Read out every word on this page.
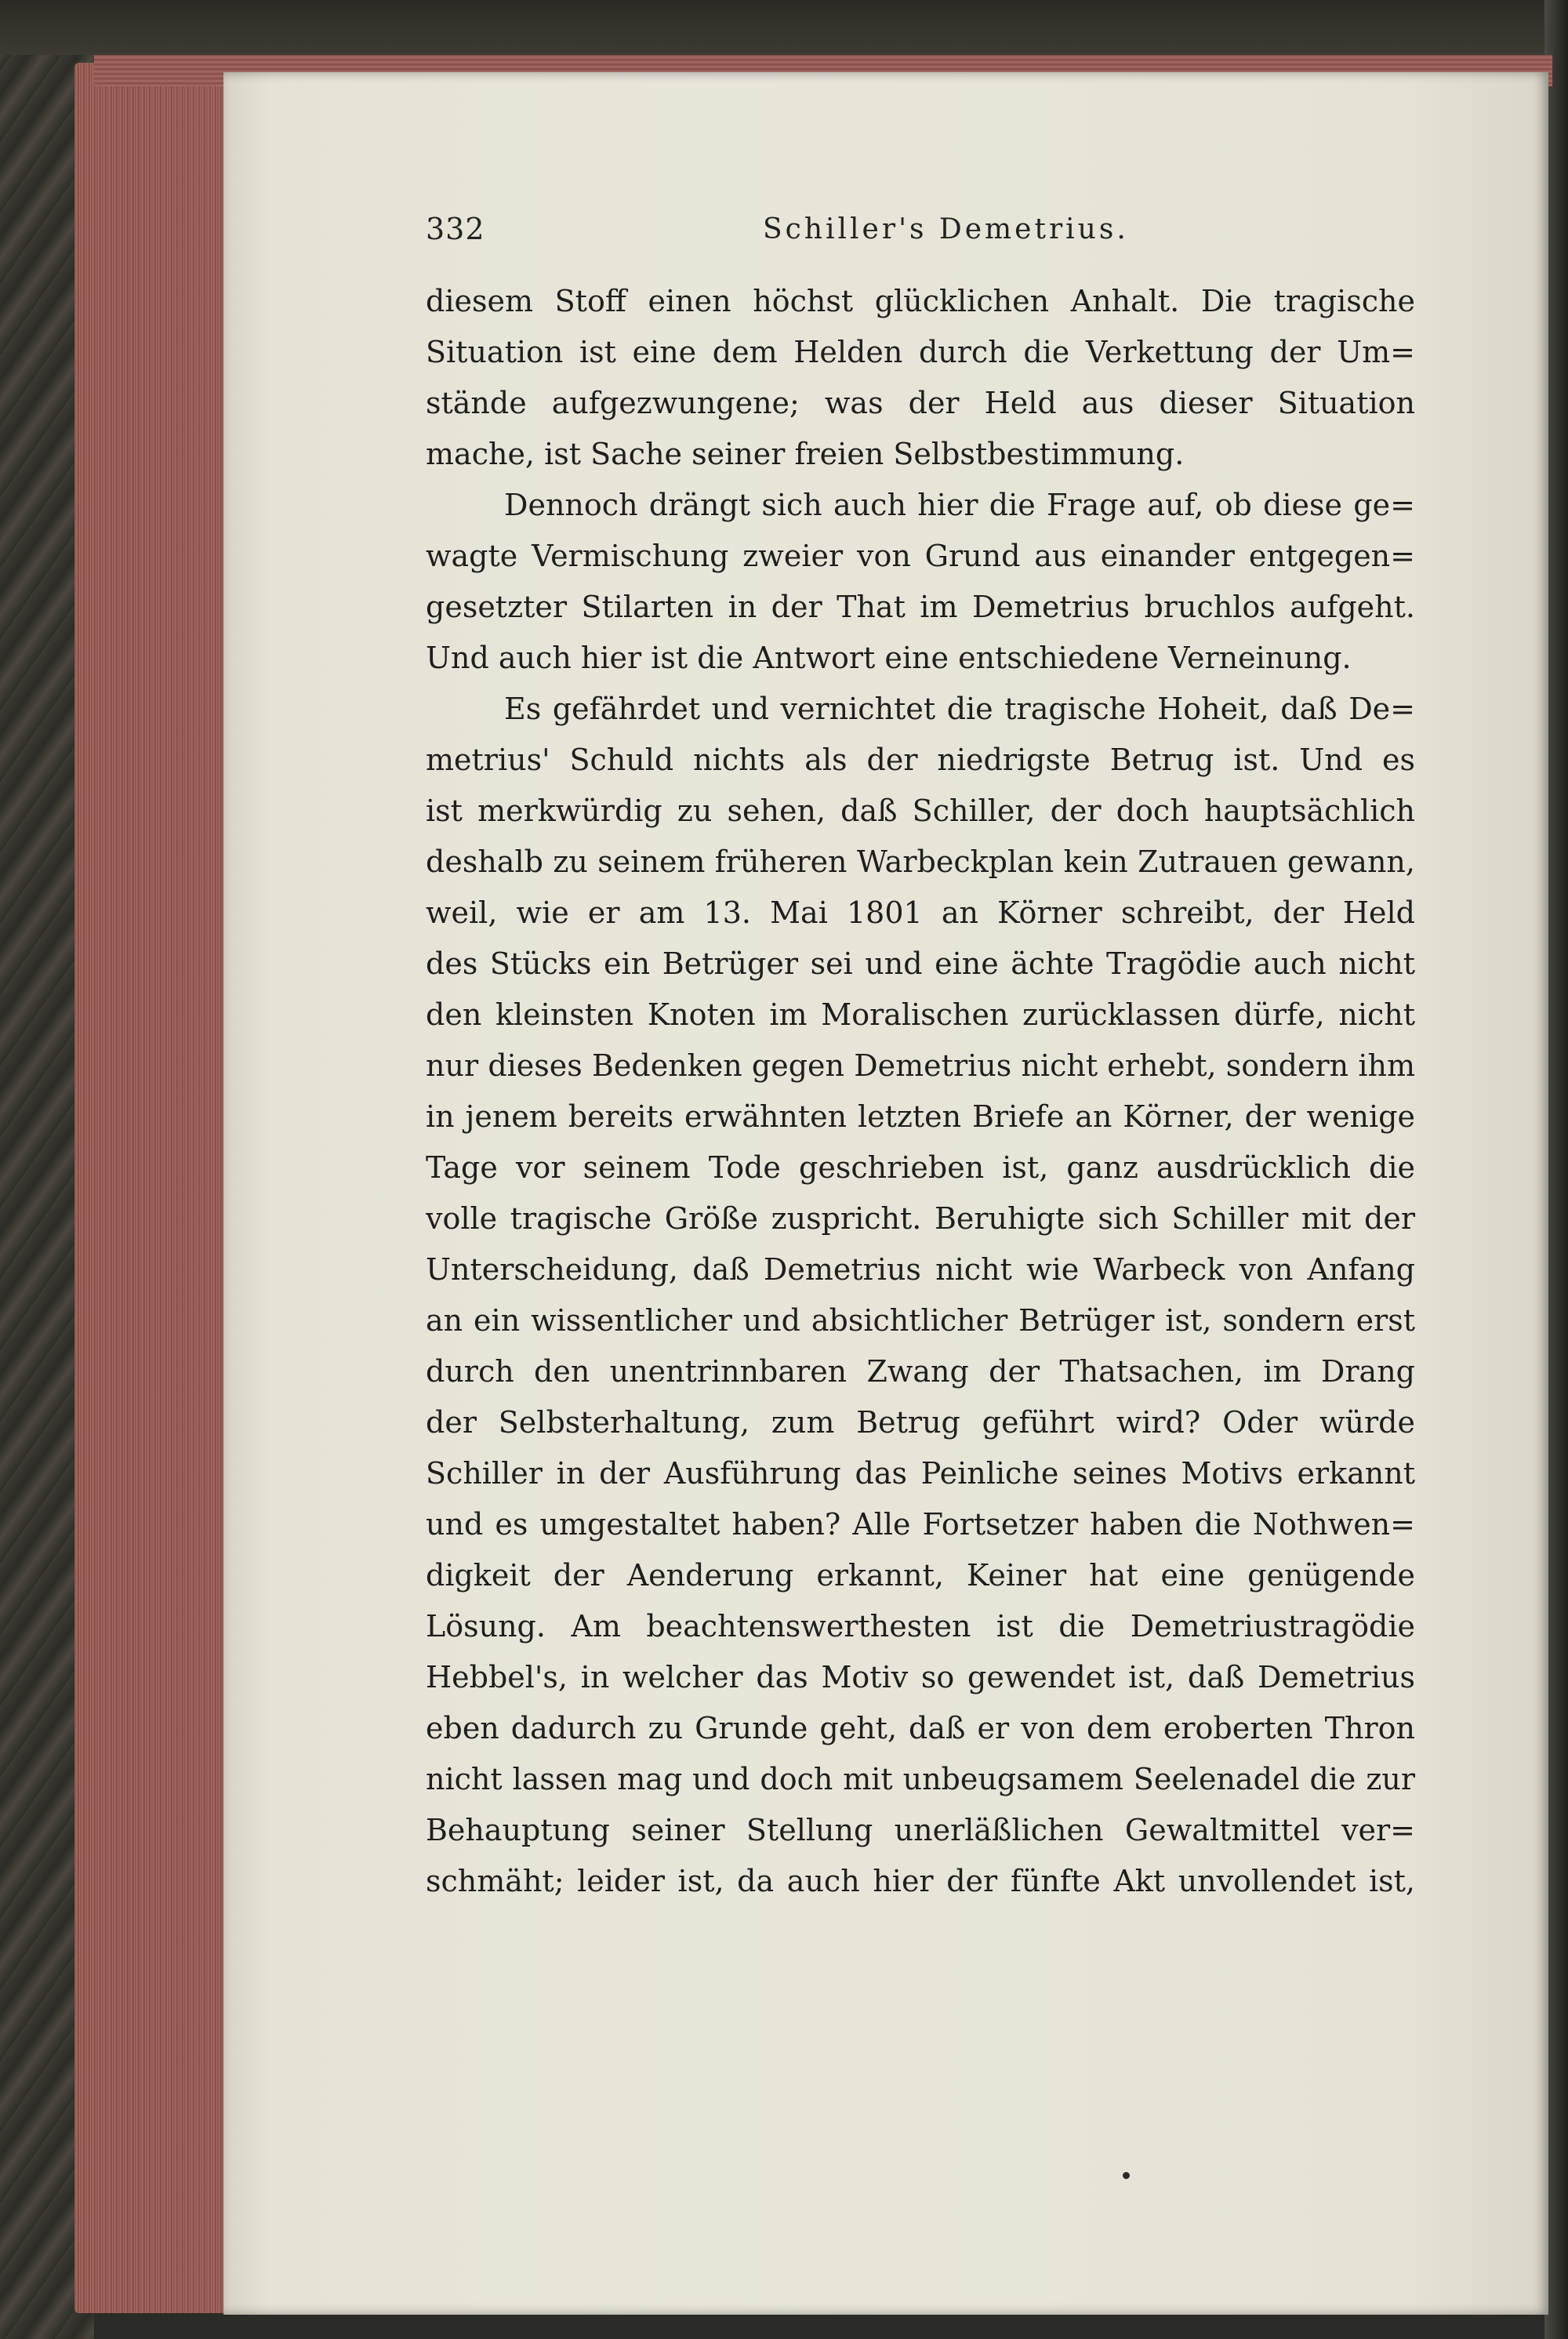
332	Schiller's Demetrius.
diesem Stoff einen höchst glücklichen Anhalt. Die tragische
Situation ist eine dem Helden durch die Verkettung der Um=
stände aufgezwungene; was der Held aus dieser Situation
mache, ist Sache seiner freien Selbstbestimmung.
Dennoch drängt sich auch hier die Frage auf, ob diese ge=
wagte Vermischung zweier von Grund aus einander entgegen=
gesetzter Stilarten in der That im Demetrius bruchlos aufgeht.
Und auch hier ist die Antwort eine entschiedene Verneinung.
Es gefährdet und vernichtet die tragische Hoheit, daß De=
metrius' Schuld nichts als der niedrigste Betrug ist. Und es
ist merkwürdig zu sehen, daß Schiller, der doch hauptsächlich
deshalb zu seinem früheren Warbeckplan kein Zutrauen gewann,
weil, wie er am 13. Mai 1801 an Körner schreibt, der Held
des Stücks ein Betrüger sei und eine ächte Tragödie auch nicht
den kleinsten Knoten im Moralischen zurücklassen dürfe, nicht
nur dieses Bedenken gegen Demetrius nicht erhebt, sondern ihm
in jenem bereits erwähnten letzten Briefe an Körner, der wenige
Tage vor seinem Tode geschrieben ist, ganz ausdrücklich die
volle tragische Größe zuspricht. Beruhigte sich Schiller mit der
Unterscheidung, daß Demetrius nicht wie Warbeck von Anfang
an ein wissentlicher und absichtlicher Betrüger ist, sondern erst
durch den unentrinnbaren Zwang der Thatsachen, im Drang
der Selbsterhaltung, zum Betrug geführt wird? Oder würde
Schiller in der Ausführung das Peinliche seines Motivs erkannt
und es umgestaltet haben? Alle Fortsetzer haben die Nothwen=
digkeit der Aenderung erkannt, Keiner hat eine genügende
Lösung. Am beachtenswerthesten ist die Demetriustragödie
Hebbel's, in welcher das Motiv so gewendet ist, daß Demetrius
eben dadurch zu Grunde geht, daß er von dem eroberten Thron
nicht lassen mag und doch mit unbeugsamem Seelenadel die zur
Behauptung seiner Stellung unerläßlichen Gewaltmittel ver=
schmäht; leider ist, da auch hier der fünfte Akt unvollendet ist,
